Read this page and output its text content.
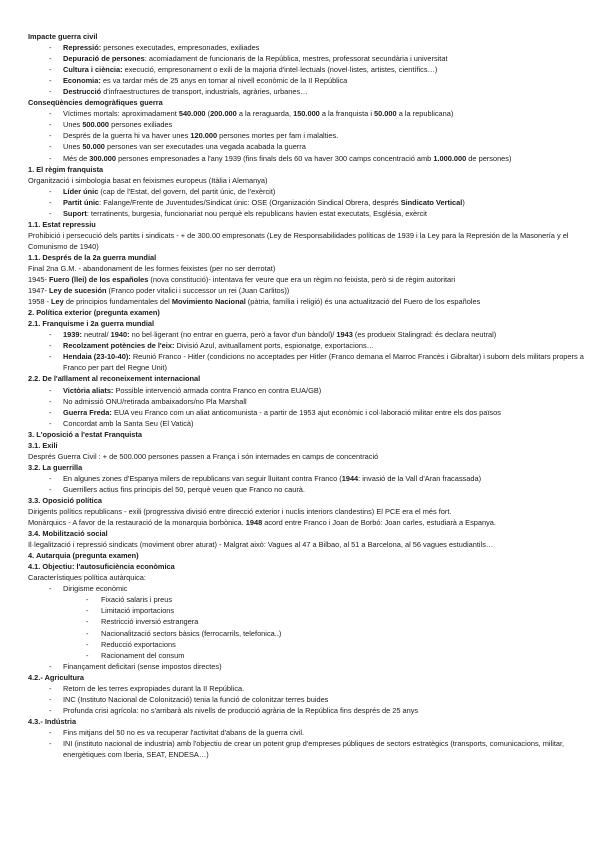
Impacte guerra civil
- Repressió: persones executades, empresonades, exiliades
- Depuració de persones: acomiadament de funcionaris de la República, mestres, professorat secundària i universitat
- Cultura i ciència: execució, empresonament o exili de la majoria d'intel·lectuals (novel·listes, artistes, científics…)
- Economia: es va tardar més de 25 anys en tornar al nivell econòmic de la II República
- Destrucció d'infraestructures de transport, industrials, agràries, urbanes…
Conseqüències demogràfiques guerra
- Víctimes mortals: aproximadament 540.000 (200.000 a la reraguarda, 150.000 a la franquista i 50.000 a la republicana)
- Unes 500.000 persones exiliades
- Després de la guerra hi va haver unes 120.000 persones mortes per fam i malalties.
- Unes 50.000 persones van ser executades una vegada acabada la guerra
- Més de 300.000 persones empresonades a l'any 1939 (fins finals dels 60 va haver 300 camps concentració amb 1.000.000 de persones)
1. El règim franquista
Organització i simbologia basat en feixismes europeus (Itàlia i Alemanya)
- Líder únic (cap de l'Estat, del govern, del partit únic, de l'exèrcit)
- Partit únic: Falange/Frente de Juventudes/Sindicat únic: OSE (Organización Sindical Obrera, després Sindicato Vertical)
- Suport: terratinents, burgesia, funcionariat nou perquè els republicans havien estat executats, Església, exèrcit
1.1. Estat repressiu
Prohibició i persecució dels partits i sindicats - + de 300.00 empresonats (Ley de Responsabilidades políticas de 1939 i la Ley para la Represión de la Masonería y el Comunismo de 1940)
1.1. Després de la 2a guerra mundial
Final 2na G.M. - abandonament de les formes feixistes (per no ser derrotat)
1945- Fuero (llei) de los españoles (nova constitució)- intentava fer veure que era un règim no feixista, però si de règim autoritari
1947- Ley de sucesión (Franco poder vitalici i successor un rei (Juan Carlitos))
1958 - Ley de principios fundamentales del Movimiento Nacional (pàtria, família i religió) és una actualització del Fuero de los españoles
2. Política exterior (pregunta examen)
2.1. Franquisme i 2a guerra mundial
- 1939: neutral/ 1940: no bel·ligerant (no entrar en guerra, però a favor d'un bàndol)/ 1943 (es produeix Stalingrad: és declara neutral)
- Recolzament potències de l'eix: Divisió Azul, avituallament ports, espionatge, exportacions…
- Hendaia (23-10-40): Reunió Franco - Hitler (condicions no acceptades per Hitler (Franco demana el Marroc Francès i Gibraltar) i suborn dels militars propers a Franco per part del Regne Unit)
2.2. De l'aïllament al reconeixement internacional
- Victòria aliats: Possible intervenció armada contra Franco en contra EUA/GB)
- No admissió ONU/retirada ambaixadors/no Pla Marshall
- Guerra Freda: EUA veu Franco com un aliat anticomunista - a partir de 1953 ajut econòmic i col·laboració militar entre els dos països
- Concordat amb la Santa Seu (El Vaticà)
3. L'oposició a l'estat Franquista
3.1. Exili
Després Guerra Civil : + de 500.000 persones passen a França i són internades en camps de concentració
3.2. La guerrilla
- En algunes zones d'Espanya milers de republicans van seguir lluitant contra Franco (1944: invasió de la Vall d'Aran fracassada)
- Guerrillers actius fins principis del 50, perquè veuen que Franco no caurà.
3.3. Oposició política
Dirigents polítics republicans - exili (progressiva divisió entre direcció exterior i nuclis interiors clandestins) El PCE era el més fort.
Monàrquics - A favor de la restauració de la monarquia borbònica. 1948 acord entre Franco i Joan de Borbó: Joan carles, estudiarà a Espanya.
3.4. Mobilització social
Il·legalització i repressió sindicats (moviment obrer aturat) - Malgrat això: Vagues al 47 a Bilbao, al 51 a Barcelona, al 56 vagues estudiantils…
4. Autarquia (pregunta examen)
4.1. Objectiu: l'autosuficiència econòmica
Característiques política autàrquica:
- Dirigisme econòmic
- Fixació salaris i preus
- Limitació importacions
- Restricció inversió estrangera
- Nacionalització sectors bàsics (ferrocarrils, telefonica..)
- Reducció exportacions
- Racionament del consum
- Finançament deficitari (sense impostos directes)
4.2.- Agricultura
- Retorn de les terres expropiades durant la II República.
- INC (Instituto Nacional de Colonització) tenia la funció de colonitzar terres buides
- Profunda crisi agrícola: no s'arribarà als nivells de producció agrària de la República fins després de 25 anys
4.3.- Indústria
- Fins mitjans del 50 no es va recuperar l'activitat d'abans de la guerra civil.
- INI (instituto nacional de industria) amb l'objectiu de crear un potent grup d'empreses públiques de sectors estratègics (transports, comunicacions, militar, energètiques com Iberia, SEAT, ENDESA…)
